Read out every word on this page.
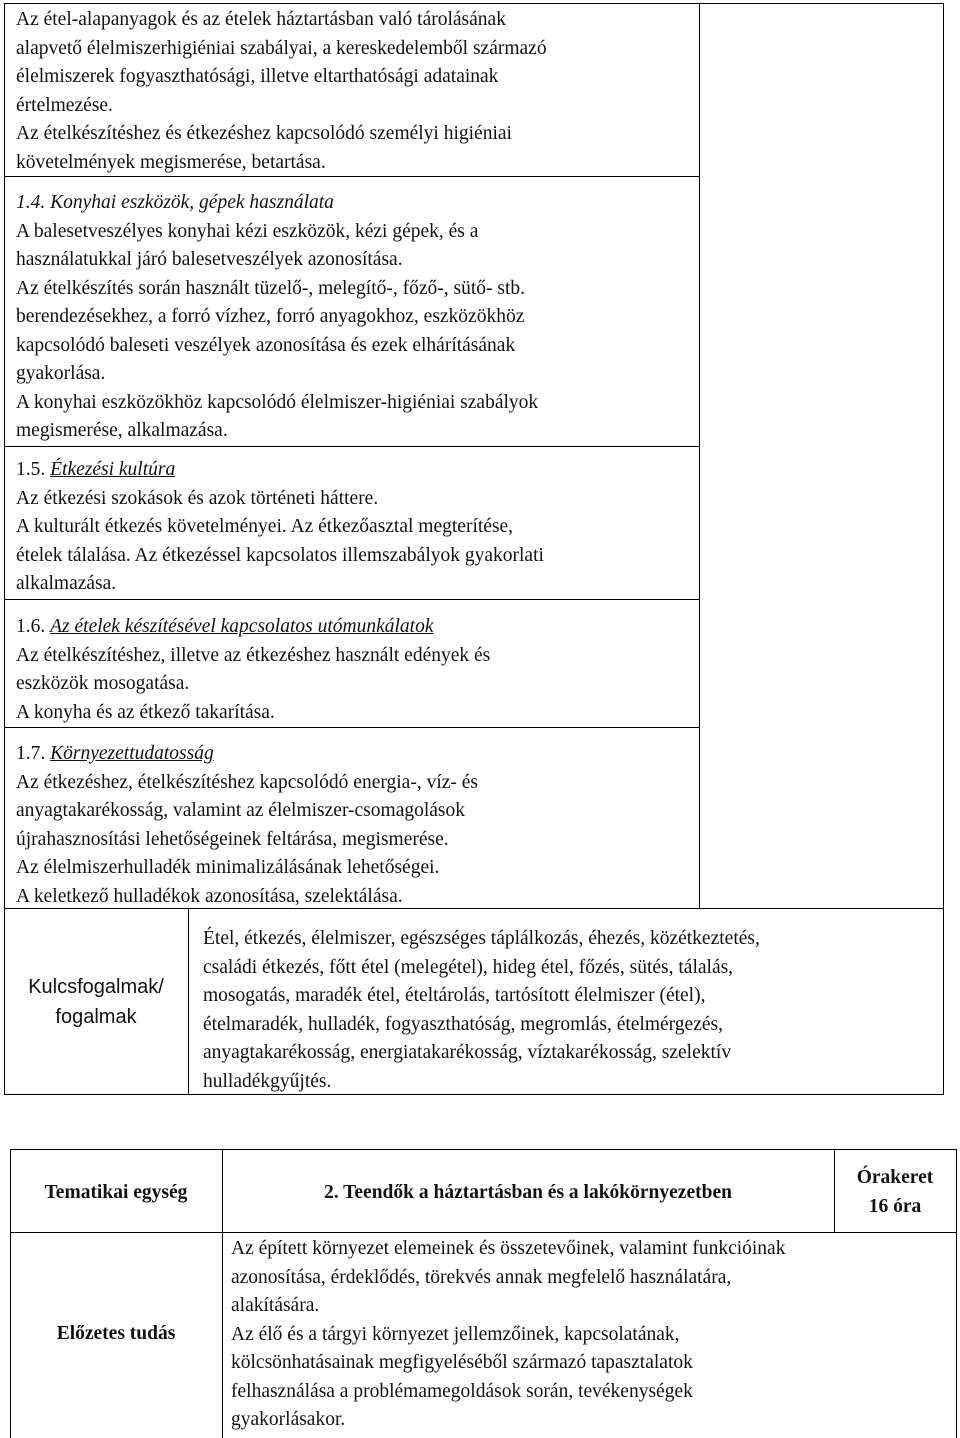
Az étel-alapanyagok és az ételek háztartásban való tárolásának

alapvető élelmiszerhigiéniai szabályai, a kereskedelemből származó

élelmiszerek fogyaszthatósági, illetve eltarthatósági adatainak

értelmezése.

Az ételkészítéshez és étkezéshez kapcsolódó személyi higiéniai

követelmények megismerése, betartása.

1.4. Konyhai eszközök, gépek használata

A balesetveszélyes konyhai kézi eszközök, kézi gépek, és a

használatukkal járó balesetveszélyek azonosítása.

Az ételkészítés során használt tüzelő-, melegítő-, főző-, sütő- stb.

berendezésekhez, a forró vízhez, forró anyagokhoz, eszközökhöz

kapcsolódó baleseti veszélyek azonosítása és ezek elhárításának

gyakorlása.

A konyhai eszközökhöz kapcsolódó élelmiszer-higiéniai szabályok

megismerése, alkalmazása.

1.5. Étkezési kultúra

Az étkezési szokások és azok történeti háttere.

A kulturált étkezés követelményei. Az étkezőasztal megterítése,

ételek tálalása. Az étkezéssel kapcsolatos illemszabályok gyakorlati

alkalmazása.

1.6. Az ételek készítésével kapcsolatos utómunkálatok

Az ételkészítéshez, illetve az étkezéshez használt edények és

eszközök mosogatása.

A konyha és az étkező takarítása.

1.7. Környezettudatosság

Az étkezéshez, ételkészítéshez kapcsolódó energia-, víz- és

anyagtakarékosság, valamint az élelmiszer-csomagolások

újrahasznosítási lehetőségeinek feltárása, megismerése.

Az élelmiszerhulladék minimalizálásának lehetőségei.

A keletkező hulladékok azonosítása, szelektálása.

Kulcsfogalmak/
fogalmak
Étel, étkezés, élelmiszer, egészséges táplálkozás, éhezés, közétkeztetés,
családi étkezés, főtt étel (melegétel), hideg étel, főzés, sütés, tálalás,
mosogatás, maradék étel, ételtárolás, tartósított élelmiszer (étel),
ételmaradék, hulladék, fogyaszthatóság, megromlás, ételmérgezés,
anyagtakarékosság, energiatakarékosság, víztakarékosság, szelektív
hulladékgyűjtés.
Tematikai egység	2. Teendők a háztartásban és a lakókörnyezetben
Órakeret
16 óra
Előzetes tudás
Az épített környezet elemeinek és összetevőinek, valamint funkcióinak
azonosítása, érdeklődés, törekvés annak megfelelő használatára,
alakítására.
Az élő és a tárgyi környezet jellemzőinek, kapcsolatának,
kölcsönhatásainak megfigyeléséből származó tapasztalatok
felhasználása a problémamegoldások során, tevékenységek
gyakorlásakor.
